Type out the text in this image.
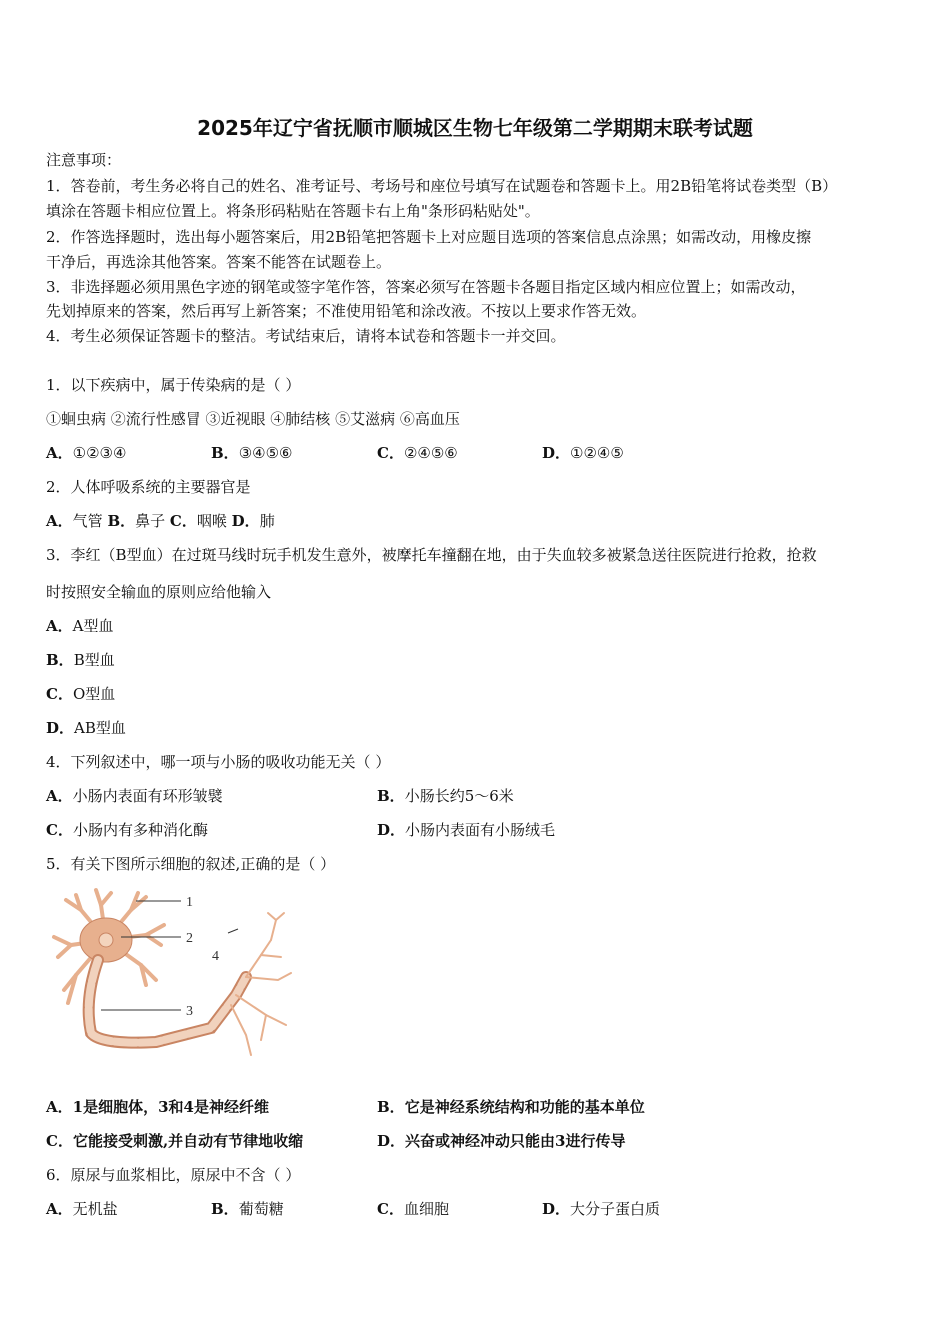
2025年辽宁省抚顺市顺城区生物七年级第二学期期末联考试题
注意事项：
1．答卷前，考生务必将自己的姓名、准考证号、考场号和座位号填写在试题卷和答题卡上。用2B铅笔将试卷类型（B）
填涂在答题卡相应位置上。将条形码粘贴在答题卡右上角"条形码粘贴处"。
2．作答选择题时，选出每小题答案后，用2B铅笔把答题卡上对应题目选项的答案信息点涂黑；如需改动，用橡皮擦
干净后，再选涂其他答案。答案不能答在试题卷上。
3．非选择题必须用黑色字迹的钢笔或签字笔作答，答案必须写在答题卡各题目指定区域内相应位置上；如需改动，
先划掉原来的答案，然后再写上新答案；不准使用铅笔和涂改液。不按以上要求作答无效。
4．考生必须保证答题卡的整洁。考试结束后，请将本试卷和答题卡一并交回。
1．以下疾病中，属于传染病的是（ ）
①蛔虫病 ②流行性感冒 ③近视眼 ④肺结核 ⑤艾滋病 ⑥高血压
A．①②③④	B．③④⑤⑥	C．②④⑤⑥	D．①②④⑤
2．人体呼吸系统的主要器官是
A．气管 B．鼻子 C．咽喉 D．肺
3．李红（B型血）在过斑马线时玩手机发生意外，被摩托车撞翻在地，由于失血较多被紧急送往医院进行抢救，抢救
时按照安全输血的原则应给他输入
A．A型血
B．B型血
C．O型血
D．AB型血
4．下列叙述中，哪一项与小肠的吸收功能无关（ ）
A．小肠内表面有环形皱襞	B．小肠长约5～6米
C．小肠内有多种消化酶	D．小肠内表面有小肠绒毛
5．有关下图所示细胞的叙述,正确的是（ ）
1
2
3
4
A．1是细胞体，3和4是神经纤维	B．它是神经系统结构和功能的基本单位
C．它能接受刺激,并自动有节律地收缩	D．兴奋或神经冲动只能由3进行传导
6．原尿与血浆相比，原尿中不含（ ）
A．无机盐	B．葡萄糖	C．血细胞	D．大分子蛋白质
